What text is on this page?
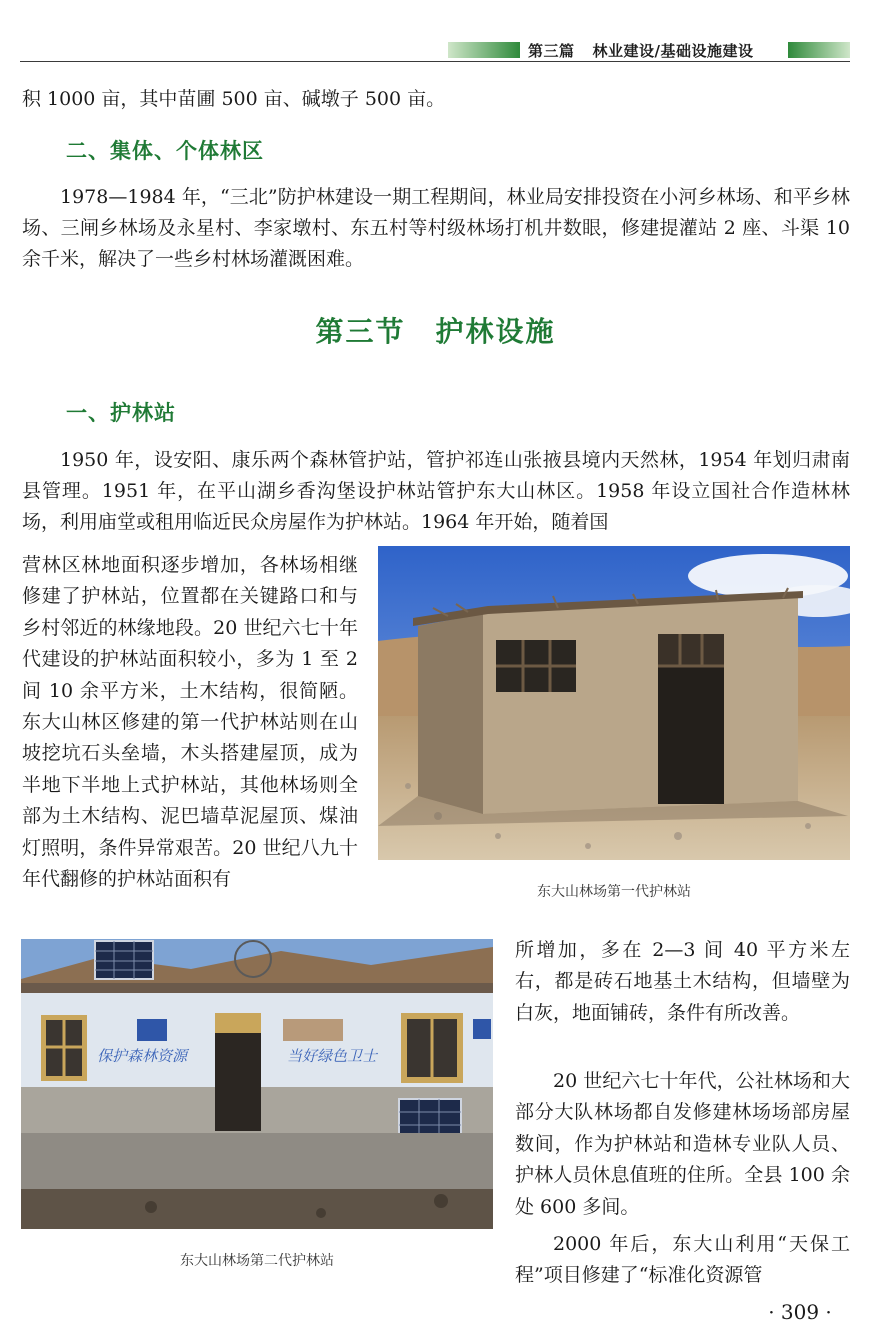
第三篇 林业建设/基础设施建设
积 1000 亩，其中苗圃 500 亩、碱墩子 500 亩。
二、集体、个体林区
1978—1984 年，“三北”防护林建设一期工程期间，林业局安排投资在小河乡林场、和平乡林场、三闸乡林场及永星村、李家墩村、东五村等村级林场打机井数眼，修建提灌站 2 座、斗渠 10 余千米，解决了一些乡村林场灌溉困难。
第三节　护林设施
一、护林站
1950 年，设安阳、康乐两个森林管护站，管护祁连山张掖县境内天然林，1954 年划归肃南县管理。1951 年，在平山湖乡香沟堡设护林站管护东大山林区。1958 年设立国社合作造林林场，利用庙堂或租用临近民众房屋作为护林站。1964 年开始，随着国
营林区林地面积逐步增加，各林场相继修建了护林站，位置都在关键路口和与乡村邻近的林缘地段。20 世纪六七十年代建设的护林站面积较小，多为 1 至 2 间 10 余平方米，土木结构，很简陋。东大山林区修建的第一代护林站则在山坡挖坑石头垒墙，木头搭建屋顶，成为半地下半地上式护林站，其他林场则全部为土木结构、泥巴墙草泥屋顶、煤油灯照明，条件异常艰苦。20 世纪八九十年代翻修的护林站面积有
东大山林场第一代护林站
保护森林资源	当好绿色卫士
东大山林场第二代护林站
所增加，多在 2—3 间 40 平方米左右，都是砖石地基土木结构，但墙壁为白灰，地面铺砖，条件有所改善。
20 世纪六七十年代，公社林场和大部分大队林场都自发修建林场场部房屋数间，作为护林站和造林专业队人员、护林人员休息值班的住所。全县 100 余处 600 多间。
2000 年后，东大山利用“天保工程”项目修建了“标准化资源管
· 309 ·
